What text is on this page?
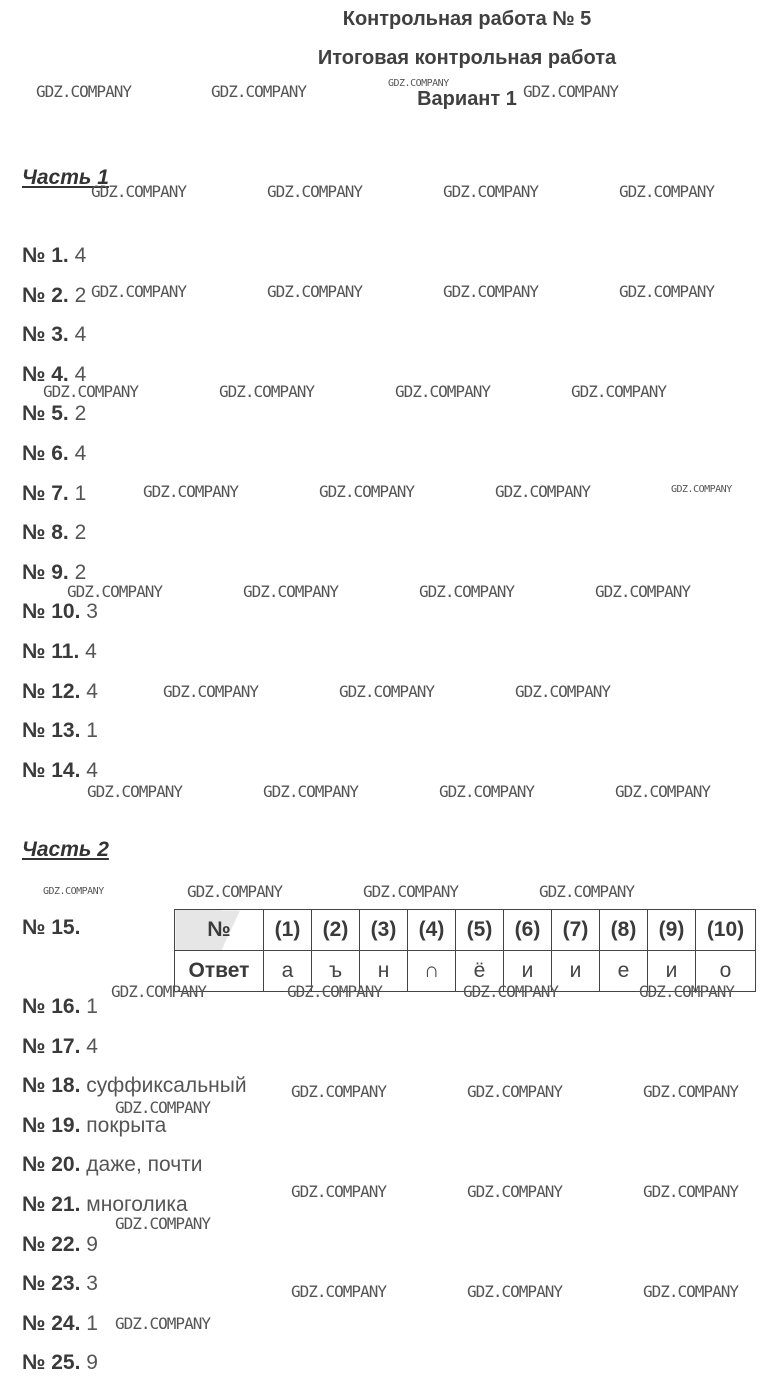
Контрольная работа № 5
Итоговая контрольная работа
Вариант 1
Часть 1
№ 1. 4
№ 2. 2
№ 3. 4
№ 4. 4
№ 5. 2
№ 6. 4
№ 7. 1
№ 8. 2
№ 9. 2
№ 10. 3
№ 11. 4
№ 12. 4
№ 13. 1
№ 14. 4
Часть 2
№ 15.	№	(1)	(2)	(3)	(4)	(5)	(6)	(7)	(8)	(9)	(10)
Ответ	а	ъ	н	∩	ё	и	и	е	и	о
№ 16. 1
№ 17. 4
№ 18. суффиксальный
№ 19. покрыта
№ 20. даже, почти
№ 21. многолика
№ 22. 9
№ 23. 3
№ 24. 1
№ 25. 9
GDZ.COMPANY	GDZ.COMPANY	GDZ.COMPANY
GDZ.COMPANY	GDZ.COMPANY	GDZ.COMPANY	GDZ.COMPANY
GDZ.COMPANY	GDZ.COMPANY	GDZ.COMPANY	GDZ.COMPANY
GDZ.COMPANY	GDZ.COMPANY	GDZ.COMPANY	GDZ.COMPANY
GDZ.COMPANY	GDZ.COMPANY	GDZ.COMPANY
GDZ.COMPANY	GDZ.COMPANY	GDZ.COMPANY	GDZ.COMPANY
GDZ.COMPANY	GDZ.COMPANY	GDZ.COMPANY
GDZ.COMPANY	GDZ.COMPANY	GDZ.COMPANY	GDZ.COMPANY
GDZ.COMPANY	GDZ.COMPANY	GDZ.COMPANY
GDZ.COMPANY	GDZ.COMPANY	GDZ.COMPANY	GDZ.COMPANY
GDZ.COMPANY	GDZ.COMPANY	GDZ.COMPANY
GDZ.COMPANY
GDZ.COMPANY	GDZ.COMPANY	GDZ.COMPANY
GDZ.COMPANY
GDZ.COMPANY	GDZ.COMPANY	GDZ.COMPANY
GDZ.COMPANY
GDZ.COMPANY
GDZ.COMPANY
GDZ.COMPANY
